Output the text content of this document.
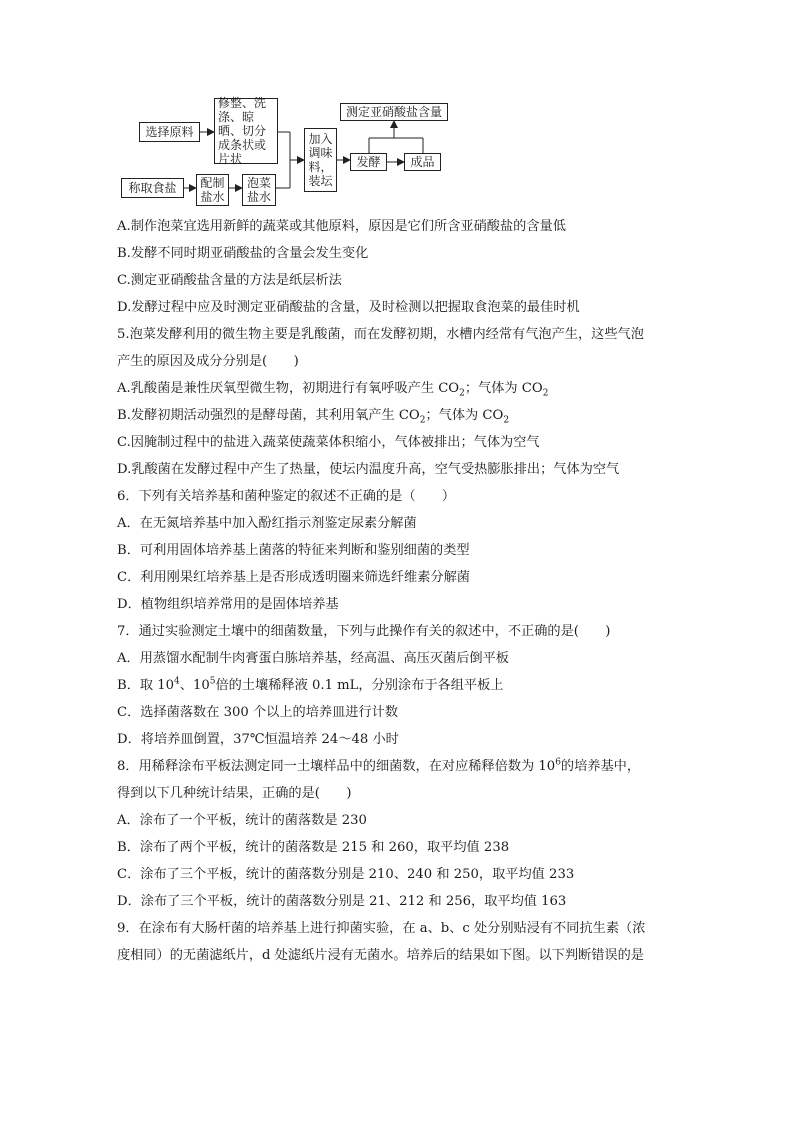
选择原料
修整、洗涤、晾晒、切分成条状或片状
称取食盐	配制盐水
泡菜盐水
加入调味料，装坛
发酵	成品
测定亚硝酸盐含量
A.制作泡菜宜选用新鲜的蔬菜或其他原料，原因是它们所含亚硝酸盐的含量低
B.发酵不同时期亚硝酸盐的含量会发生变化
C.测定亚硝酸盐含量的方法是纸层析法
D.发酵过程中应及时测定亚硝酸盐的含量，及时检测以把握取食泡菜的最佳时机
5.泡菜发酵利用的微生物主要是乳酸菌，而在发酵初期，水槽内经常有气泡产生，这些气泡
产生的原因及成分分别是(　　)
A.乳酸菌是兼性厌氧型微生物，初期进行有氧呼吸产生 $CO_2$；气体为 $CO_2$
B.发酵初期活动强烈的是酵母菌，其利用氧产生 $CO_2$；气体为 $CO_2$
C.因腌制过程中的盐进入蔬菜使蔬菜体积缩小，气体被排出；气体为空气
D.乳酸菌在发酵过程中产生了热量，使坛内温度升高，空气受热膨胀排出；气体为空气
6．下列有关培养基和菌种鉴定的叙述不正确的是（　　）
A．在无氮培养基中加入酚红指示剂鉴定尿素分解菌
B．可利用固体培养基上菌落的特征来判断和鉴别细菌的类型
C．利用刚果红培养基上是否形成透明圈来筛选纤维素分解菌
D．植物组织培养常用的是固体培养基
7．通过实验测定土壤中的细菌数量，下列与此操作有关的叙述中，不正确的是(　　)
A．用蒸馏水配制牛肉膏蛋白胨培养基，经高温、高压灭菌后倒平板
B．取 $10^4$、$10^5$倍的土壤稀释液 0.1 mL，分别涂布于各组平板上
C．选择菌落数在 300 个以上的培养皿进行计数
D．将培养皿倒置，37℃恒温培养 24～48 小时
8．用稀释涂布平板法测定同一土壤样品中的细菌数，在对应稀释倍数为 $10^6$的培养基中，
得到以下几种统计结果，正确的是(　　)
A．涂布了一个平板，统计的菌落数是 230
B．涂布了两个平板，统计的菌落数是 215 和 260，取平均值 238
C．涂布了三个平板，统计的菌落数分别是 210、240 和 250，取平均值 233
D．涂布了三个平板，统计的菌落数分别是 21、212 和 256，取平均值 163
9．在涂布有大肠杆菌的培养基上进行抑菌实验，在 a、b、c 处分别贴浸有不同抗生素（浓
度相同）的无菌滤纸片，d 处滤纸片浸有无菌水。培养后的结果如下图。以下判断错误的是
